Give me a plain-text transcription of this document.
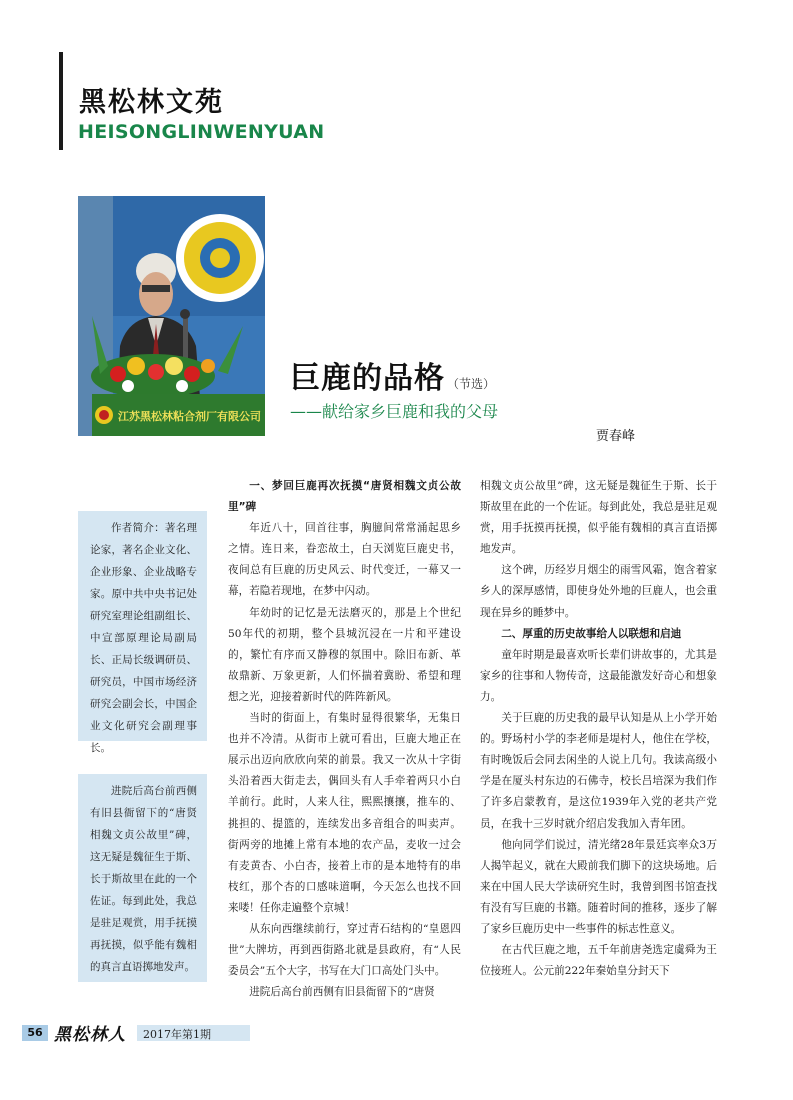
黑松林文苑
HEISONGLINWENYUAN
江苏黑松林粘合剂厂有限公司
巨鹿的品格 （节选）
——献给家乡巨鹿和我的父母
贾春峰

作者简介：著名理论家，著名企业文化、企业形象、企业战略专家。原中共中央书记处研究室理论组副组长、中宣部原理论局副局长、正局长级调研员、研究员，中国市场经济研究会副会长，中国企业文化研究会副理事长。

进院后高台前西侧有旧县衙留下的“唐贤相魏文贞公故里”碑，这无疑是魏征生于斯、长于斯故里在此的一个佐证。每到此处，我总是驻足观赏，用手抚摸再抚摸，似乎能有魏相的真言直语掷地发声。

一、梦回巨鹿再次抚摸“唐贤相魏文贞公故里”碑

年近八十，回首往事，胸臆间常常涌起思乡之情。连日来，眷恋故土，白天浏览巨鹿史书，夜间总有巨鹿的历史风云、时代变迁，一幕又一幕，若隐若现地，在梦中闪动。

年幼时的记忆是无法磨灭的，那是上个世纪50年代的初期，整个县城沉浸在一片和平建设的，繁忙有序而又静穆的氛围中。除旧布新、革故鼎新、万象更新，人们怀揣着冀盼、希望和理想之光，迎接着新时代的阵阵新风。

当时的街面上，有集时显得很繁华，无集日也并不冷清。从街市上就可看出，巨鹿大地正在展示出迈向欣欣向荣的前景。我又一次从十字街头沿着西大街走去，偶回头有人手牵着两只小白羊前行。此时，人来人往，熙熙攘攘，推车的、挑担的、提篮的，连续发出多音组合的叫卖声。街两旁的地摊上常有本地的农产品，麦收一过会有麦黄杏、小白杏，接着上市的是本地特有的串枝红，那个杏的口感味道啊，今天怎么也找不回来喽！任你走遍整个京城！

从东向西继续前行，穿过青石结构的“皇恩四世”大牌坊，再到西街路北就是县政府，有“人民委员会”五个大字，书写在大门口高处门头中。

进院后高台前西侧有旧县衙留下的“唐贤

相魏文贞公故里”碑，这无疑是魏征生于斯、长于斯故里在此的一个佐证。每到此处，我总是驻足观赏，用手抚摸再抚摸，似乎能有魏相的真言直语掷地发声。

这个碑，历经岁月烟尘的雨雪风霜，饱含着家乡人的深厚感情，即使身处外地的巨鹿人，也会重现在异乡的睡梦中。

二、厚重的历史故事给人以联想和启迪

童年时期是最喜欢听长辈们讲故事的，尤其是家乡的往事和人物传奇，这最能激发好奇心和想象力。

关于巨鹿的历史我的最早认知是从上小学开始的。野场村小学的李老师是堤村人，他住在学校，有时晚饭后会同去闲坐的人说上几句。我读高级小学是在厦头村东边的石佛寺，校长吕培深为我们作了许多启蒙教育，是这位1939年入党的老共产党员，在我十三岁时就介绍启发我加入青年团。

他向同学们说过，清光绪28年景廷宾率众3万人揭竿起义，就在大殿前我们脚下的这块场地。后来在中国人民大学读研究生时，我曾到图书馆查找有没有写巨鹿的书籍。随着时间的推移，逐步了解了家乡巨鹿历史中一些事件的标志性意义。

在古代巨鹿之地，五千年前唐尧选定虞舜为王位接班人。公元前222年秦始皇分封天下

56 黑松林人 2017年第1期
